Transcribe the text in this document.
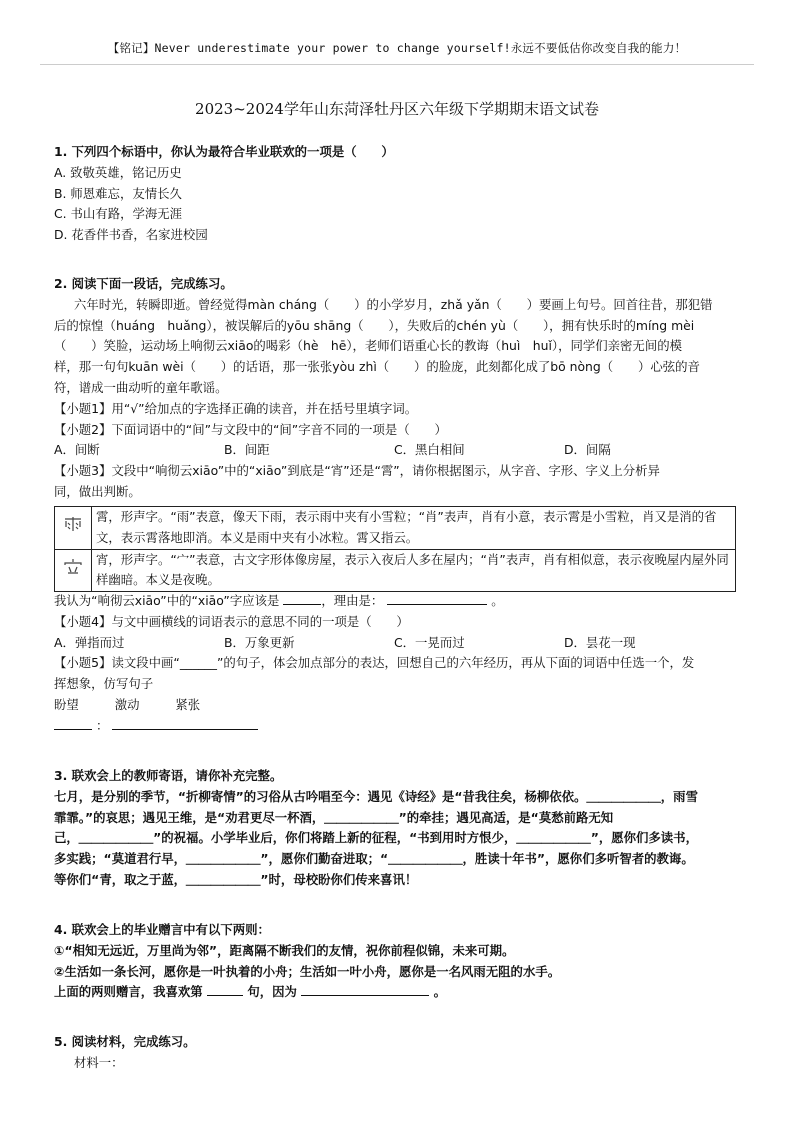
【铭记】Never underestimate your power to change yourself!永远不要低估你改变自我的能力！
2023~2024学年山东菏泽牡丹区六年级下学期期末语文试卷

1. 下列四个标语中，你认为最符合毕业联欢的一项是（　　）

A. 致敬英雄，铭记历史

B. 师恩难忘，友情长久

C. 书山有路，学海无涯

D. 花香伴书香，名家进校园

2. 阅读下面一段话，完成练习。

六年时光，转瞬即逝。曾经觉得màn cháng（　　）的小学岁月，zhǎ yǎn（　　）要画上句号。回首往昔，那犯错

后的惊惶（huáng　huǎng），被误解后的yōu shāng（　　），失败后的chén yù（　　），拥有快乐时的míng mèi

（　　）笑脸，运动场上响彻云xiāo的喝彩（hè　hē），老师们语重心长的教诲（huì　huǐ），同学们亲密无间的模

样，那一句句kuān wèi（　　）的话语，那一张张yòu zhì（　　）的脸庞，此刻都化成了bō nòng（　　）心弦的音

符，谱成一曲动听的童年歌谣。

【小题1】用“√”给加点的字选择正确的读音，并在括号里填字词。

【小题2】下面词语中的“间”与文段中的“间”字音不同的一项是（　　）

A．间断	B．间距	C．黑白相间	D．间隔

【小题3】文段中“响彻云xiāo”中的“xiāo”到底是“宵”还是“霄”，请你根据图示，从字音、字形、字义上分析异

同，做出判断。

	霄，形声字。“雨”表意，像天下雨，表示雨中夹有小雪粒；“肖”表声，肖有小意，表示霄是小雪粒，肖又是消的省文，表示霄落地即消。本义是雨中夹有小冰粒。霄又指云。
	宵，形声字。“宀”表意，古文字形体像房屋，表示入夜后人多在屋内；“肖”表声，肖有相似意，表示夜晚屋内屋外同样幽暗。本义是夜晚。

我认为“响彻云xiāo”中的“xiāo”字应该是	，理由是：	。

【小题4】与文中画横线的词语表示的意思不同的一项是（　　）

A．弹指而过	B．万象更新	C．一晃而过	D．昙花一现

【小题5】读文段中画“______”的句子，体会加点部分的表达，回想自己的六年经历，再从下面的词语中任选一个，发

挥想象，仿写句子

盼望	激动	紧张

：

3. 联欢会上的教师寄语，请你补充完整。

七月，是分别的季节，“折柳寄情”的习俗从古吟唱至今：遇见《诗经》是“昔我往矣，杨柳依依。＿＿＿＿＿＿，雨雪

霏霏。”的哀思；遇见王维，是“劝君更尽一杯酒，＿＿＿＿＿＿”的牵挂；遇见高适，是“莫愁前路无知

己，＿＿＿＿＿＿”的祝福。小学毕业后，你们将踏上新的征程，“书到用时方恨少，＿＿＿＿＿＿”，愿你们多读书，

多实践；“莫道君行早，＿＿＿＿＿＿”，愿你们勤奋进取；“＿＿＿＿＿＿，胜读十年书”，愿你们多听智者的教诲。

等你们“青，取之于蓝，＿＿＿＿＿＿”时，母校盼你们传来喜讯！

4. 联欢会上的毕业赠言中有以下两则：

①“相知无远近，万里尚为邻”，距离隔不断我们的友情，祝你前程似锦，未来可期。

②生活如一条长河，愿你是一叶执着的小舟；生活如一叶小舟，愿你是一名风雨无阻的水手。

上面的两则赠言，我喜欢第	句，因为	。

5. 阅读材料，完成练习。

材料一：
